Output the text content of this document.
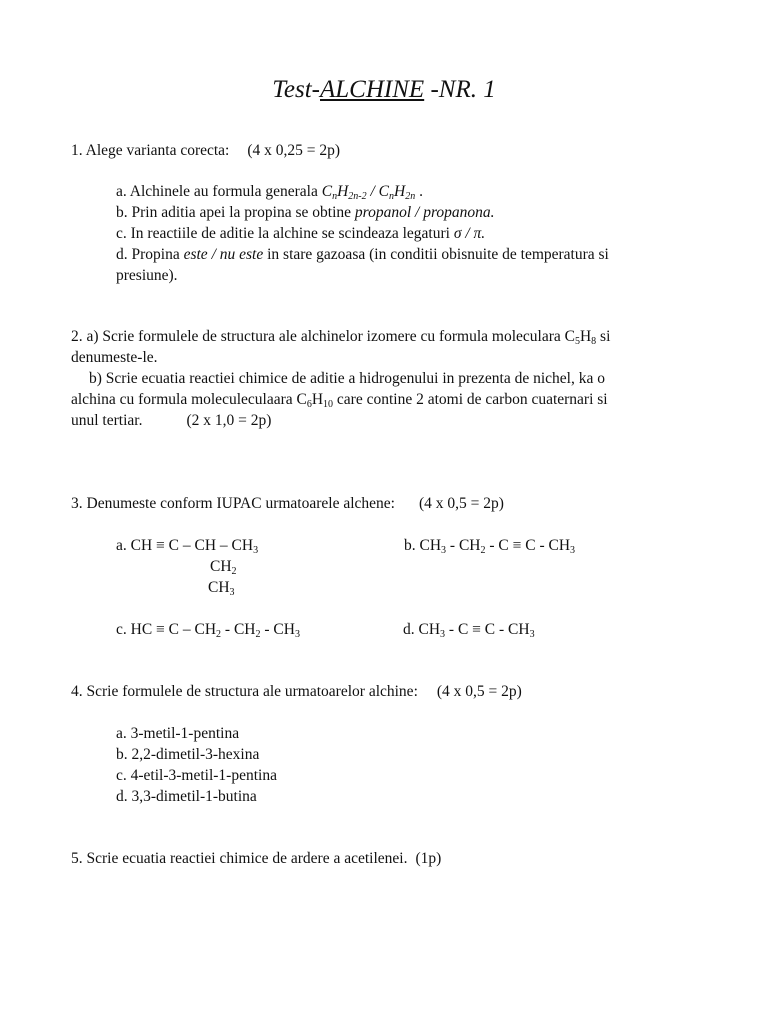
Test-ALCHINE -NR. 1
1. Alege varianta corecta: (4 x 0,25 = 2p)
a. Alchinele au formula generala $C_nH_{2n-2} / C_nH_{2n}$ .
b. Prin aditia apei la propina se obtine propanol / propanona.
c. In reactiile de aditie la alchine se scindeaza legaturi σ / π.
d. Propina este / nu este in stare gazoasa (in conditii obisnuite de temperatura si
presiune).
2. a) Scrie formulele de structura ale alchinelor izomere cu formula moleculara $C_5H_8$ si
denumeste-le.
b) Scrie ecuatia reactiei chimice de aditie a hidrogenului in prezenta de nichel, ka o
alchina cu formula moleculeculaara $C_6H_{10}$ care contine 2 atomi de carbon cuaternari si
unul tertiar.	(2 x 1,0 = 2p)
3. Denumeste conform IUPAC urmatoarele alchene: (4 x 0,5 = 2p)
a. CH ≡ C – CH – $CH_3$
$CH_2$
$CH_3$
b. $CH_3 - CH_2 - C \equiv C - CH_3$
c. HC ≡ C – $CH_2 - CH_2 - CH_3$	d. $CH_3 - C \equiv C - CH_3$
4. Scrie formulele de structura ale urmatoarelor alchine: (4 x 0,5 = 2p)
a. 3-metil-1-pentina
b. 2,2-dimetil-3-hexina
c. 4-etil-3-metil-1-pentina
d. 3,3-dimetil-1-butina
5. Scrie ecuatia reactiei chimice de ardere a acetilenei. (1p)
